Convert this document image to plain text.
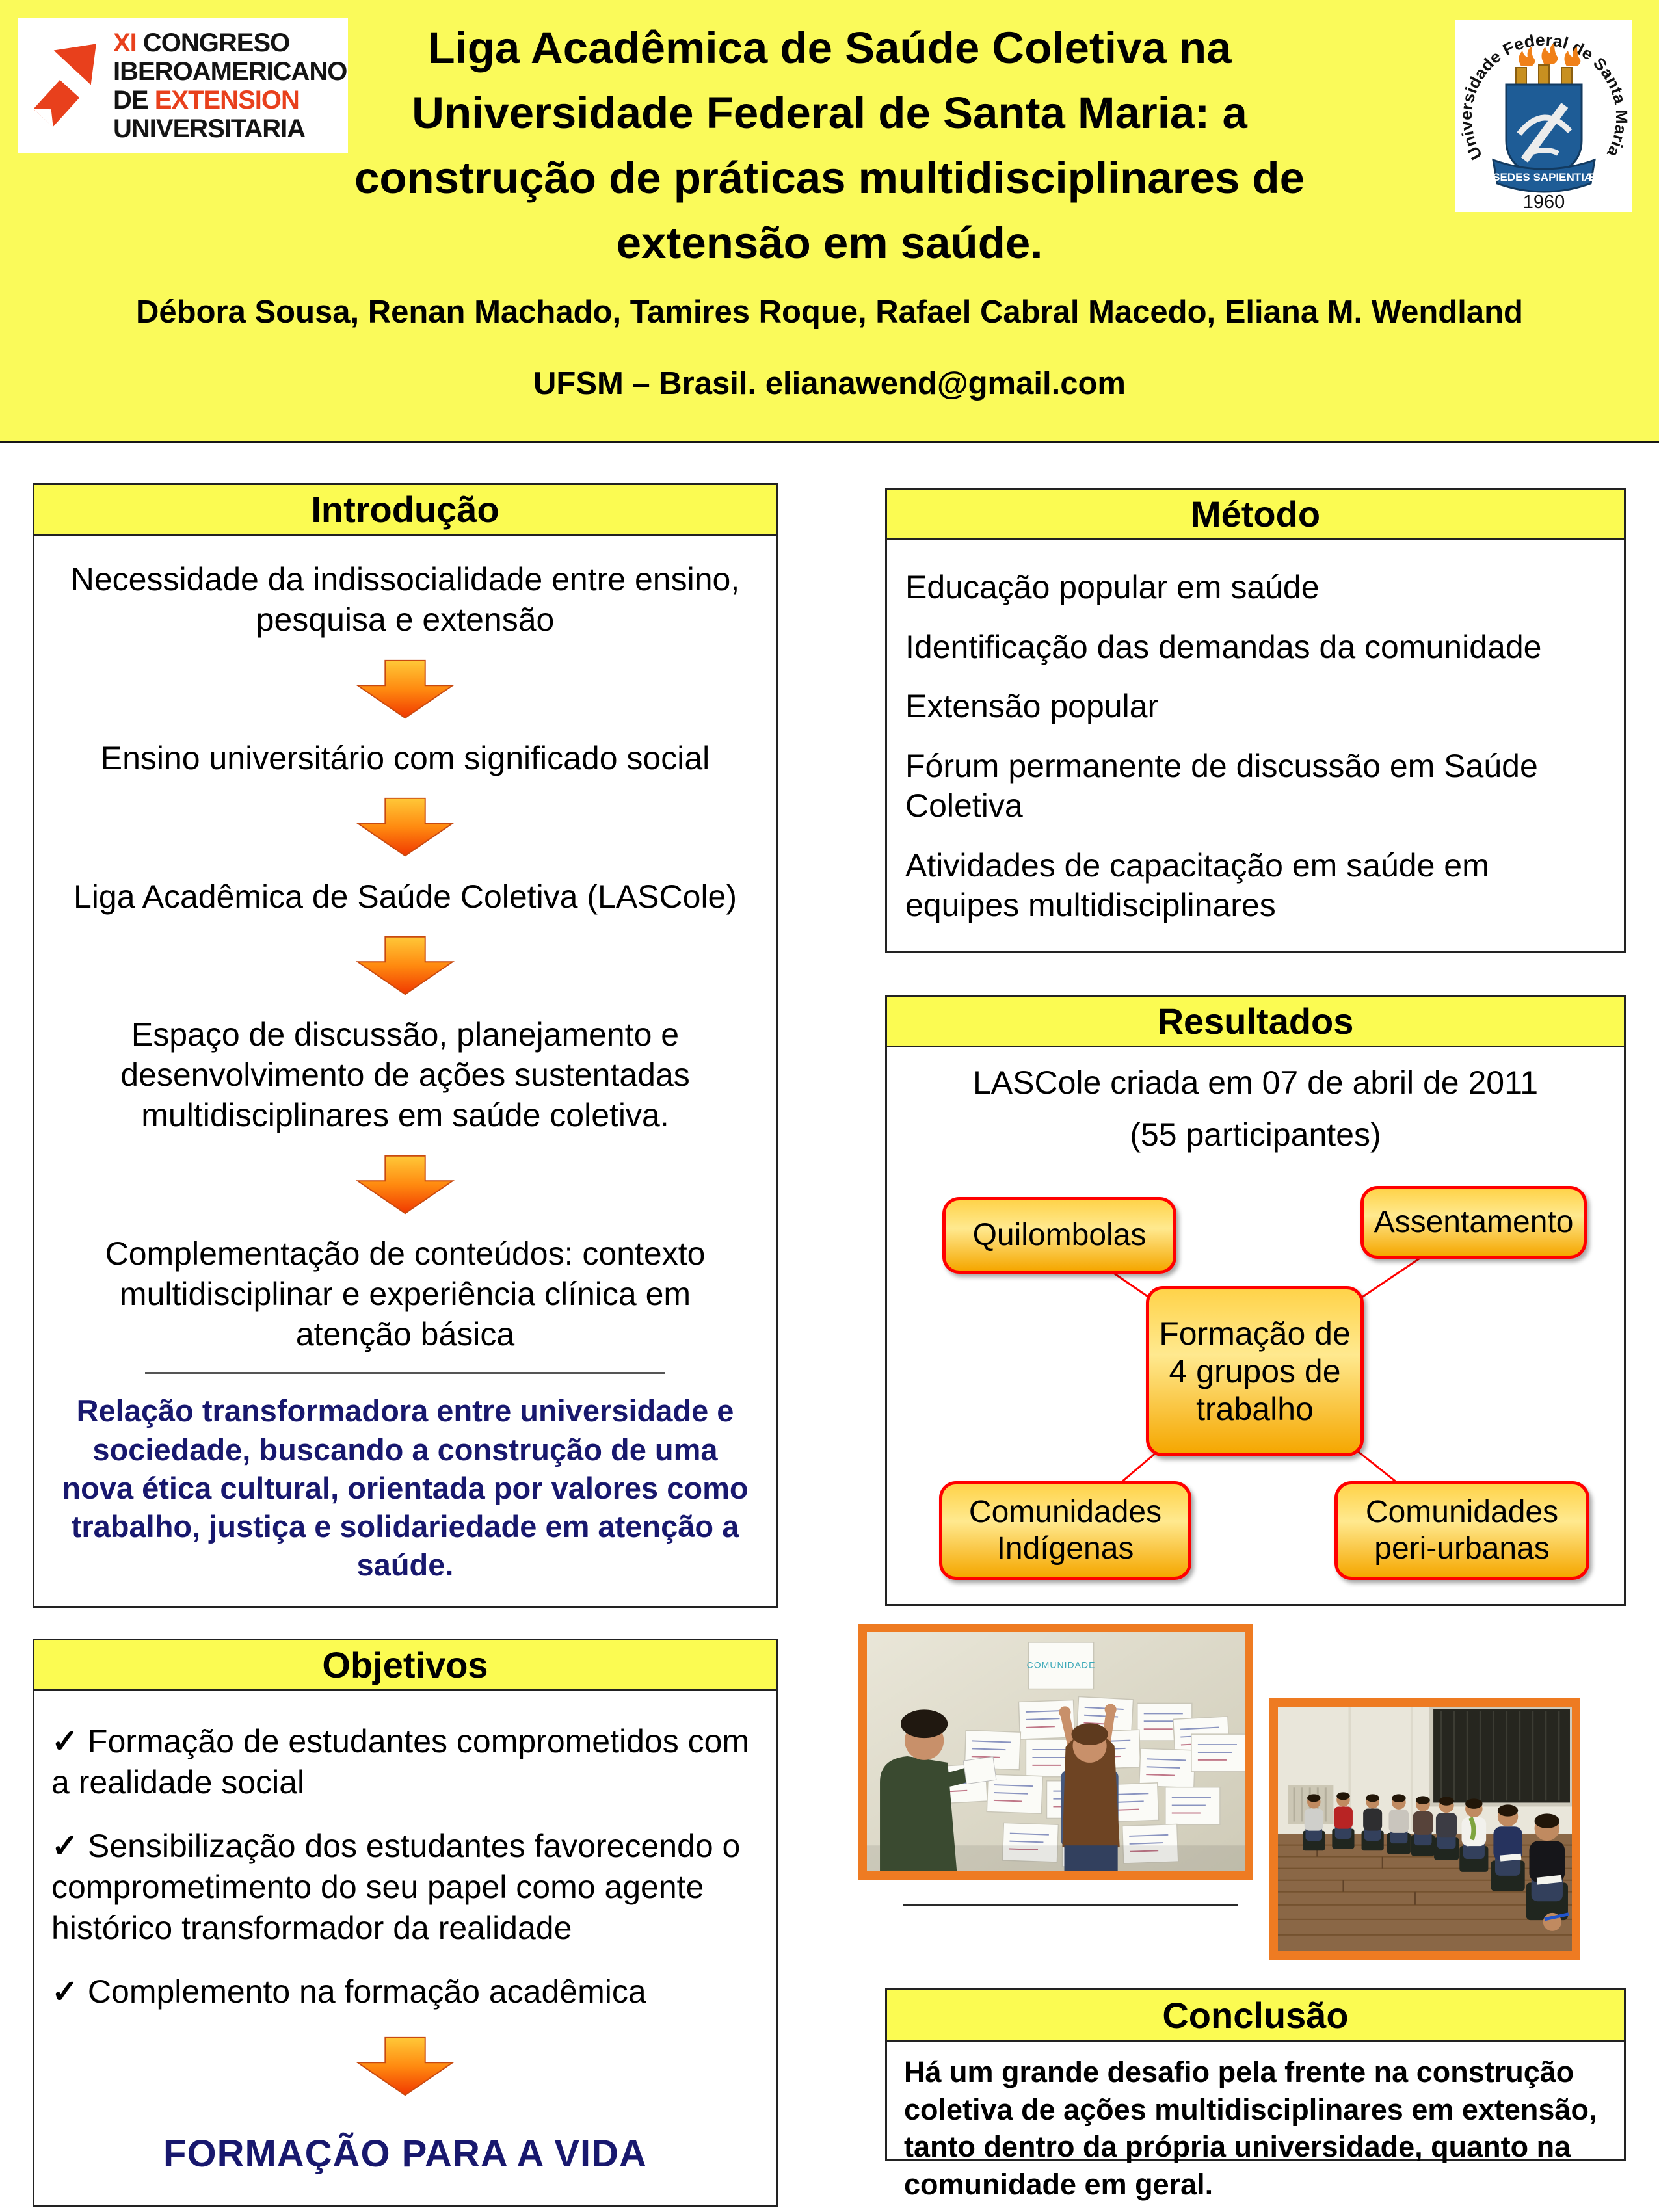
XI CONGRESO
IBEROAMERICANO
DE EXTENSION
UNIVERSITARIA
Liga Acadêmica de Saúde Coletiva na
Universidade Federal de Santa Maria: a
construção de práticas multidisciplinares de
extensão em saúde.
Débora Sousa, Renan Machado, Tamires Roque, Rafael Cabral Macedo, Eliana M. Wendland
UFSM – Brasil. elianawend@gmail.com
Universidade Federal de Santa Maria
SEDES SAPIENTIÆ
1960
Introdução

Necessidade da indissocialidade entre ensino, pesquisa e extensão

Ensino universitário com significado social

Liga Acadêmica de Saúde Coletiva (LASCole)

Espaço de discussão, planejamento e desenvolvimento de ações sustentadas multidisciplinares em saúde coletiva.

Complementação de conteúdos: contexto multidisciplinar e experiência clínica em atenção básica

Relação transformadora entre universidade e sociedade, buscando a construção de uma nova ética cultural, orientada por valores como trabalho, justiça e solidariedade em atenção a saúde.

Objetivos

✓ Formação de estudantes comprometidos com a realidade social

✓ Sensibilização dos estudantes favorecendo o comprometimento do seu papel como agente histórico transformador da realidade

✓ Complemento na formação acadêmica

FORMAÇÃO PARA A VIDA
Método

Educação popular em saúde

Identificação das demandas da comunidade

Extensão popular

Fórum permanente de discussão em Saúde Coletiva

Atividades de capacitação em saúde em equipes multidisciplinares

Resultados

LASCole criada em 07 de abril de 2011

(55 participantes)

Quilombolas	Assentamento
Formação de 4 grupos de trabalho
Comunidades Indígenas
Comunidades peri-urbanas
COMUNIDADE
Conclusão
Há um grande desafio pela frente na construção coletiva de ações multidisciplinares em extensão, tanto dentro da própria universidade, quanto na comunidade em geral.
